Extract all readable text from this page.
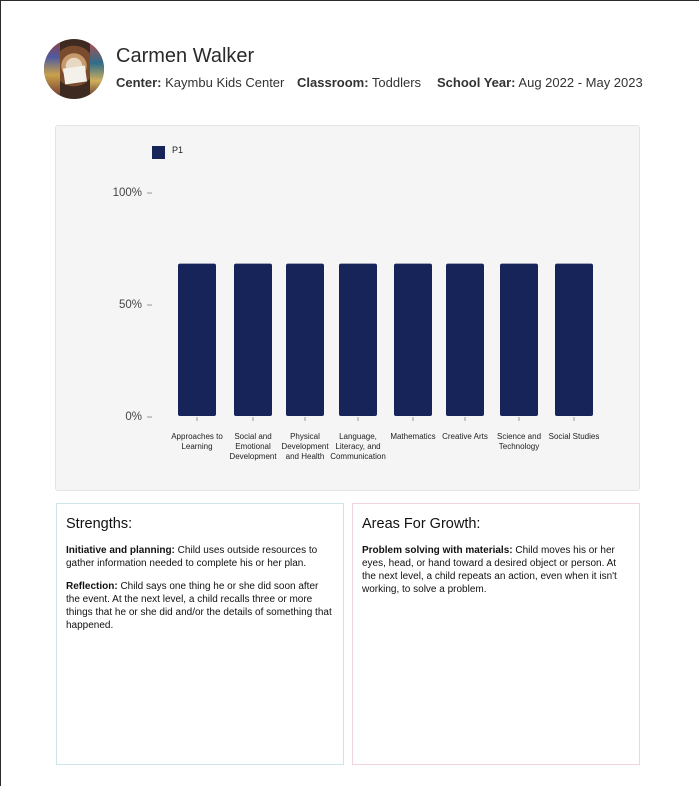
Carmen Walker
Center: Kaymbu Kids Center Classroom: Toddlers School Year: Aug 2022 - May 2023
P1
0%
50%
100%
Approaches to
Learning
Social and
Emotional
Development
Physical
Development
and Health
Language,
Literacy, and
Communication
Mathematics Creative Arts Science and
Technology
Social Studies
Strengths:

Initiative and planning: Child uses outside resources to gather information needed to complete his or her plan.

Reflection: Child says one thing he or she did soon after the event. At the next level, a child recalls three or more things that he or she did and/or the details of something that happened.

Areas For Growth:

Problem solving with materials: Child moves his or her eyes, head, or hand toward a desired object or person. At the next level, a child repeats an action, even when it isn't working, to solve a problem.
